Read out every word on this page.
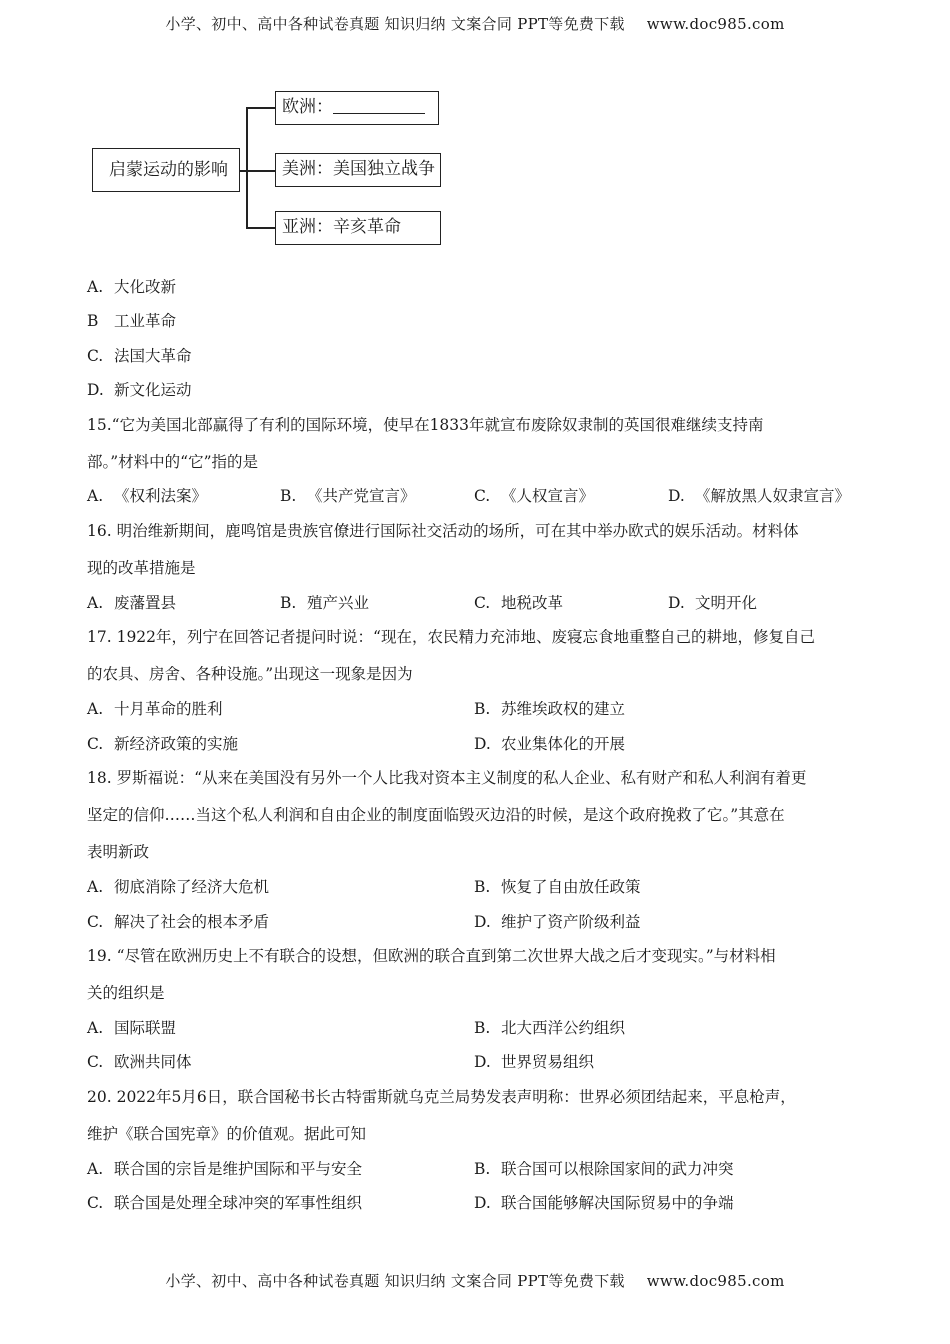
小学、初中、高中各种试卷真题 知识归纳 文案合同 PPT等免费下载 www.doc985.com
启蒙运动的影响
欧洲：
美洲：美国独立战争
亚洲：辛亥革命
A. 大化改新
B 工业革命
C. 法国大革命
D. 新文化运动
15.“它为美国北部赢得了有利的国际环境，使早在1833年就宣布废除奴隶制的英国很难继续支持南
部。”材料中的“它”指的是
A. 《权利法案》	B. 《共产党宣言》	C. 《人权宣言》	D. 《解放黑人奴隶宣言》
16. 明治维新期间，鹿鸣馆是贵族官僚进行国际社交活动的场所，可在其中举办欧式的娱乐活动。材料体
现的改革措施是
A. 废藩置县	B. 殖产兴业	C. 地税改革	D. 文明开化
17. 1922年，列宁在回答记者提问时说：“现在，农民精力充沛地、废寝忘食地重整自己的耕地，修复自己
的农具、房舍、各种设施。”出现这一现象是因为
A. 十月革命的胜利	B. 苏维埃政权的建立
C. 新经济政策的实施	D. 农业集体化的开展
18. 罗斯福说：“从来在美国没有另外一个人比我对资本主义制度的私人企业、私有财产和私人利润有着更
坚定的信仰……当这个私人利润和自由企业的制度面临毁灭边沿的时候，是这个政府挽救了它。”其意在
表明新政
A. 彻底消除了经济大危机	B. 恢复了自由放任政策
C. 解决了社会的根本矛盾	D. 维护了资产阶级利益
19. “尽管在欧洲历史上不有联合的设想，但欧洲的联合直到第二次世界大战之后才变现实。”与材料相
关的组织是
A. 国际联盟	B. 北大西洋公约组织
C. 欧洲共同体	D. 世界贸易组织
20. 2022年5月6日，联合国秘书长古特雷斯就乌克兰局势发表声明称：世界必须团结起来，平息枪声，
维护《联合国宪章》的价值观。据此可知
A. 联合国的宗旨是维护国际和平与安全	B. 联合国可以根除国家间的武力冲突
C. 联合国是处理全球冲突的军事性组织	D. 联合国能够解决国际贸易中的争端
小学、初中、高中各种试卷真题 知识归纳 文案合同 PPT等免费下载 www.doc985.com
